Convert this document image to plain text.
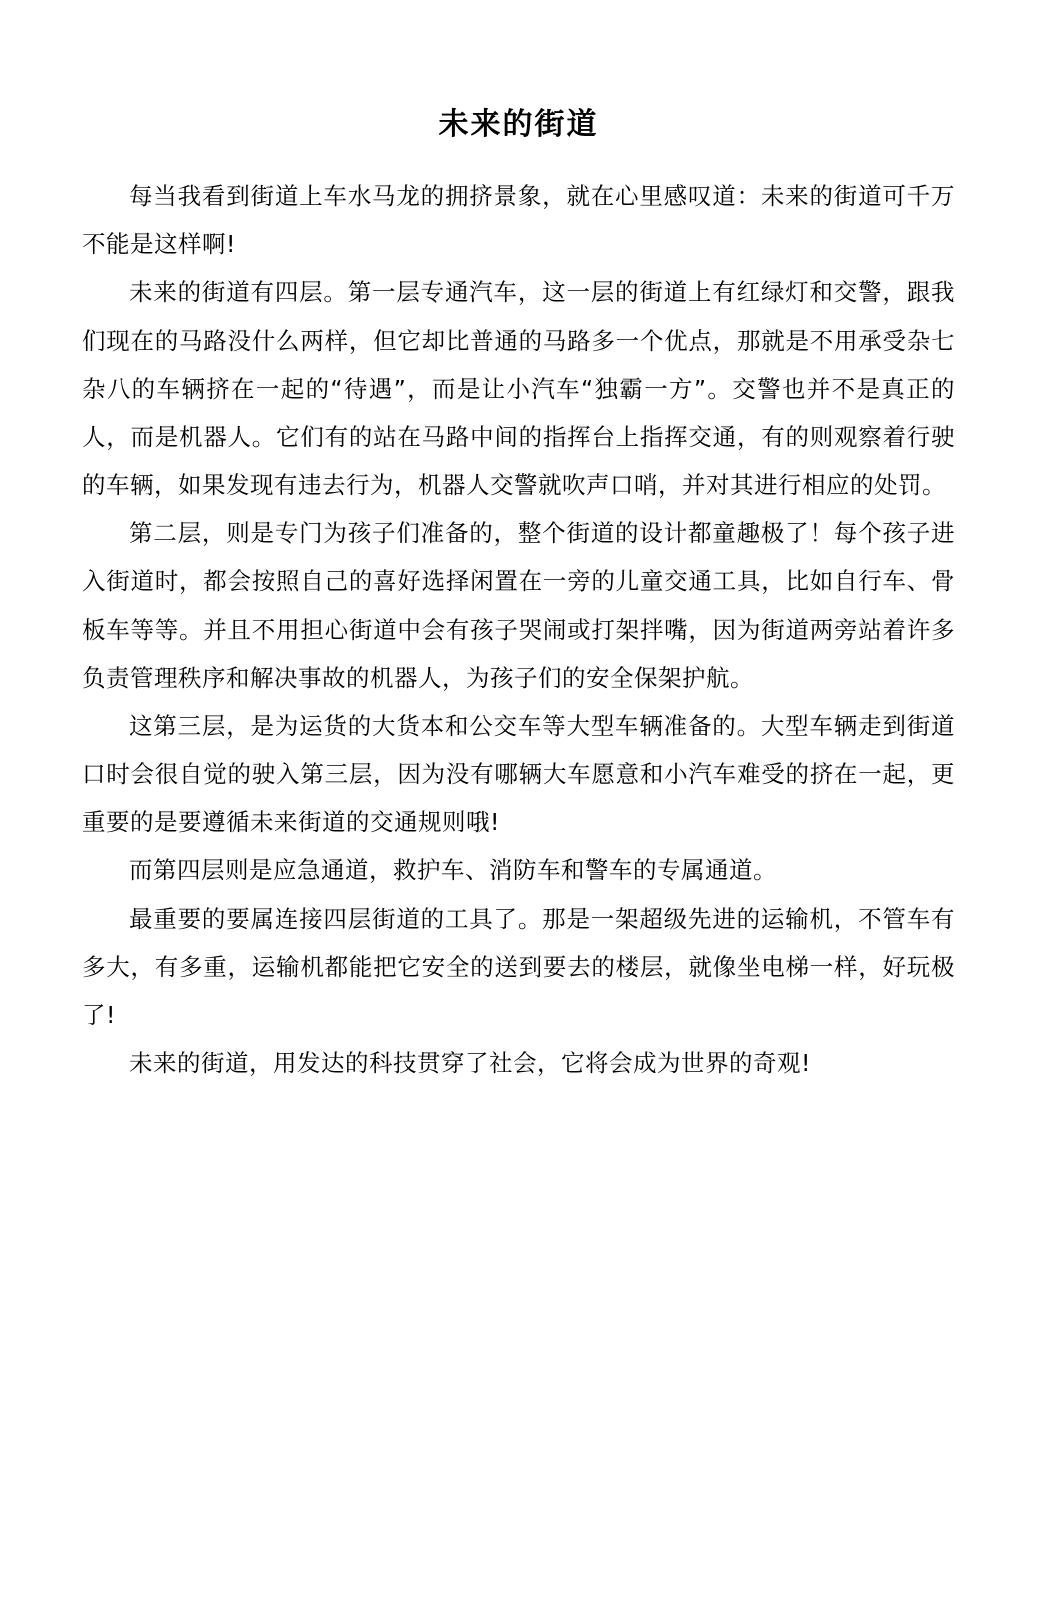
未来的街道

每当我看到街道上车水马龙的拥挤景象，就在心里感叹道：未来的街道可千万不能是这样啊!

未来的街道有四层。第一层专通汽车，这一层的街道上有红绿灯和交警，跟我们现在的马路没什么两样，但它却比普通的马路多一个优点，那就是不用承受杂七杂八的车辆挤在一起的“待遇”，而是让小汽车“独霸一方”。交警也并不是真正的人，而是机器人。它们有的站在马路中间的指挥台上指挥交通，有的则观察着行驶的车辆，如果发现有违去行为，机器人交警就吹声口哨，并对其进行相应的处罚。

第二层，则是专门为孩子们准备的，整个街道的设计都童趣极了！每个孩子进入街道时，都会按照自己的喜好选择闲置在一旁的儿童交通工具，比如自行车、骨板车等等。并且不用担心街道中会有孩子哭闹或打架拌嘴，因为街道两旁站着许多负责管理秩序和解决事故的机器人，为孩子们的安全保架护航。

这第三层，是为运货的大货本和公交车等大型车辆准备的。大型车辆走到街道口时会很自觉的驶入第三层，因为没有哪辆大车愿意和小汽车难受的挤在一起，更重要的是要遵循未来街道的交通规则哦!

而第四层则是应急通道，救护车、消防车和警车的专属通道。

最重要的要属连接四层街道的工具了。那是一架超级先进的运输机，不管车有多大，有多重，运输机都能把它安全的送到要去的楼层，就像坐电梯一样，好玩极了!

未来的街道，用发达的科技贯穿了社会，它将会成为世界的奇观!
